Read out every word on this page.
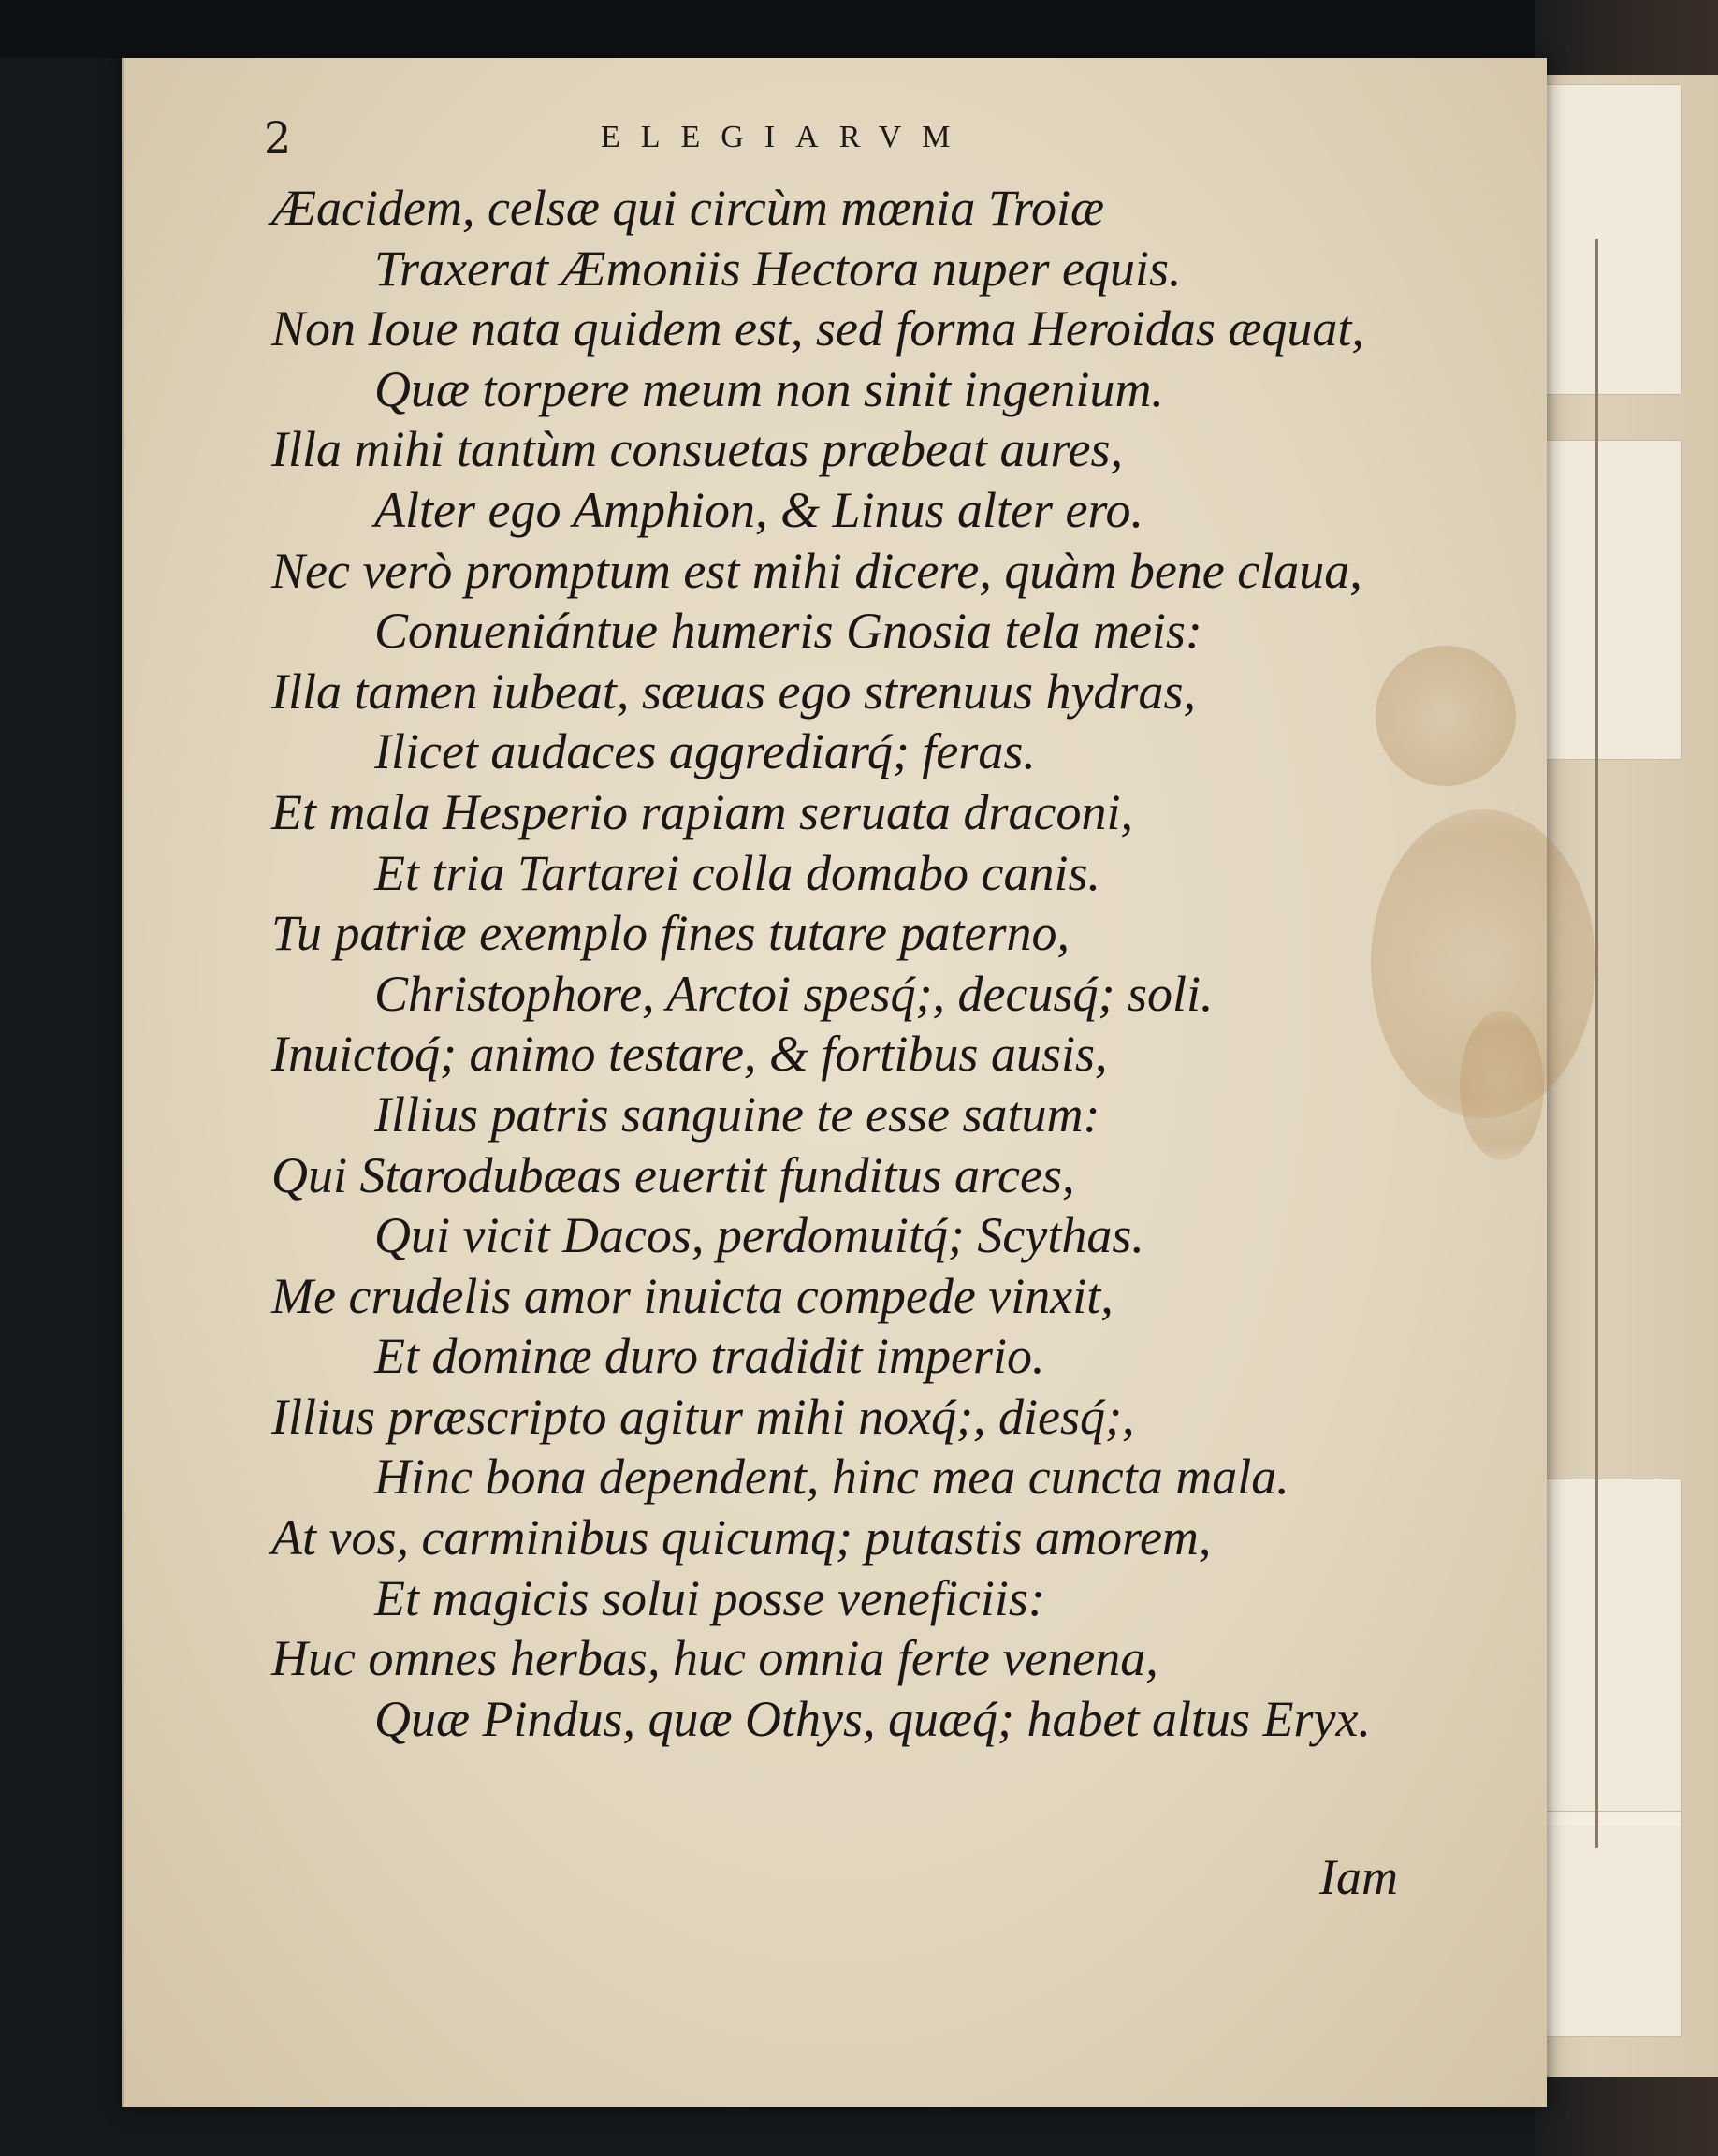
2	ELEGIARVM
Æacidem, celsæ qui circùm mœnia Troiæ
Traxerat Æmoniis Hectora nuper equis.
Non Ioue nata quidem est, sed forma Heroidas æquat,
Quæ torpere meum non sinit ingenium.
Illa mihi tantùm consuetas præbeat aures,
Alter ego Amphion, & Linus alter ero.
Nec verò promptum est mihi dicere, quàm bene claua,
Conueniántue humeris Gnosia tela meis:
Illa tamen iubeat, sæuas ego strenuus hydras,
Ilicet audaces aggrediarq́; feras.
Et mala Hesperio rapiam seruata draconi,
Et tria Tartarei colla domabo canis.
Tu patriæ exemplo fines tutare paterno,
Christophore, Arctoi spesq́;, decusq́; soli.
Inuictoq́; animo testare, & fortibus ausis,
Illius patris sanguine te esse satum:
Qui Starodubæas euertit funditus arces,
Qui vicit Dacos, perdomuitq́; Scythas.
Me crudelis amor inuicta compede vinxit,
Et dominæ duro tradidit imperio.
Illius præscripto agitur mihi noxq́;, diesq́;,
Hinc bona dependent, hinc mea cuncta mala.
At vos, carminibus quicumq; putastis amorem,
Et magicis solui posse veneficiis:
Huc omnes herbas, huc omnia ferte venena,
Quæ Pindus, quæ Othys, quæq́; habet altus Eryx.
Iam
